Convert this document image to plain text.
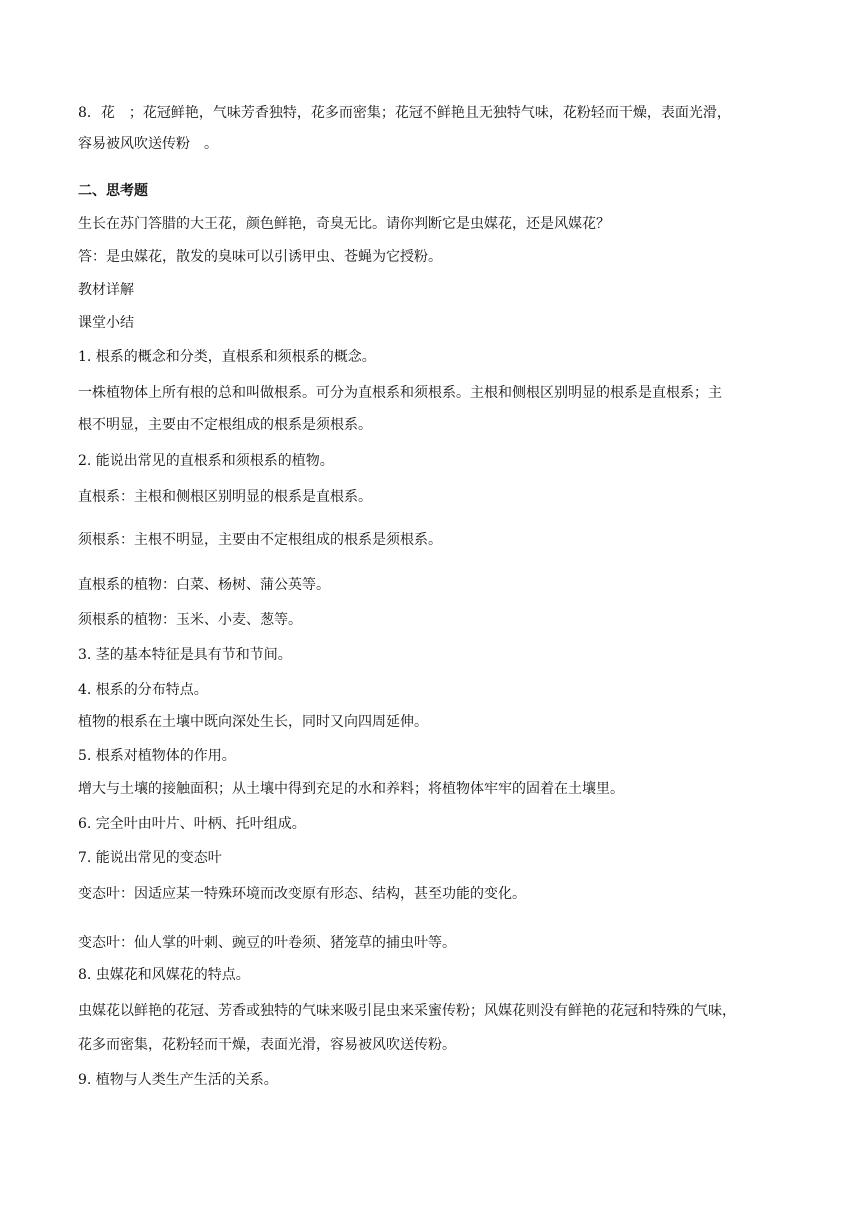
8．花　；花冠鲜艳，气味芳香独特，花多而密集；花冠不鲜艳且无独特气味，花粉轻而干燥，表面光滑，
容易被风吹送传粉　。
二、思考题
生长在苏门答腊的大王花，颜色鲜艳，奇臭无比。请你判断它是虫媒花，还是风媒花？
答：是虫媒花，散发的臭味可以引诱甲虫、苍蝇为它授粉。
教材详解
课堂小结
1. 根系的概念和分类，直根系和须根系的概念。
一株植物体上所有根的总和叫做根系。可分为直根系和须根系。主根和侧根区别明显的根系是直根系；主
根不明显，主要由不定根组成的根系是须根系。
2. 能说出常见的直根系和须根系的植物。
直根系：主根和侧根区别明显的根系是直根系。
须根系：主根不明显，主要由不定根组成的根系是须根系。
直根系的植物：白菜、杨树、蒲公英等。
须根系的植物：玉米、小麦、葱等。
3. 茎的基本特征是具有节和节间。
4. 根系的分布特点。
植物的根系在土壤中既向深处生长，同时又向四周延伸。
5. 根系对植物体的作用。
增大与土壤的接触面积；从土壤中得到充足的水和养料；将植物体牢牢的固着在土壤里。
6. 完全叶由叶片、叶柄、托叶组成。
7. 能说出常见的变态叶
变态叶：因适应某一特殊环境而改变原有形态、结构，甚至功能的变化。
变态叶：仙人掌的叶刺、豌豆的叶卷须、猪笼草的捕虫叶等。
8. 虫媒花和风媒花的特点。
虫媒花以鲜艳的花冠、芳香或独特的气味来吸引昆虫来采蜜传粉；风媒花则没有鲜艳的花冠和特殊的气味，
花多而密集，花粉轻而干燥，表面光滑，容易被风吹送传粉。
9. 植物与人类生产生活的关系。
